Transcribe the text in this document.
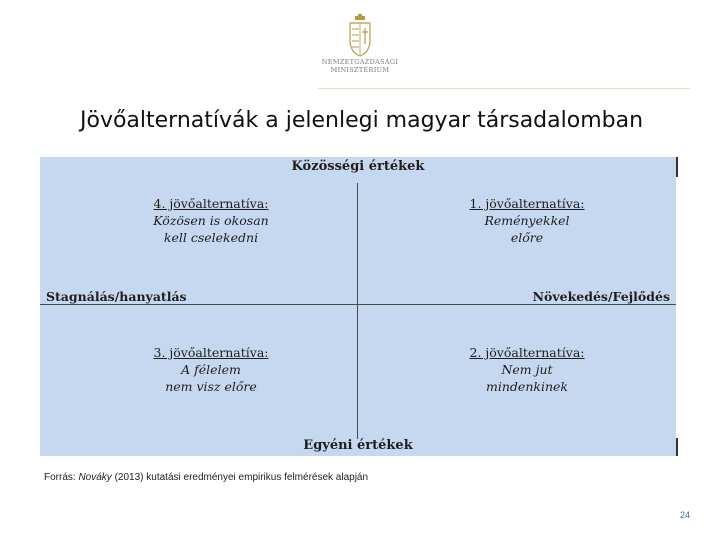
NEMZETGAZDASÁGI
MINISZTÉRIUM
Jövőalternatívák a jelenlegi magyar társadalomban
Közösségi értékek
Egyéni értékek
Stagnálás/hanyatlás	Növekedés/Fejlődés
4. jövőalternatíva:
Közösen is okosan
kell cselekedni
1. jövőalternatíva:
Reményekkel
előre
3. jövőalternatíva:
A félelem
nem visz előre
2. jövőalternatíva:
Nem jut
mindenkinek
Forrás: Nováky (2013) kutatási eredményei empirikus felmérések alapján
24
